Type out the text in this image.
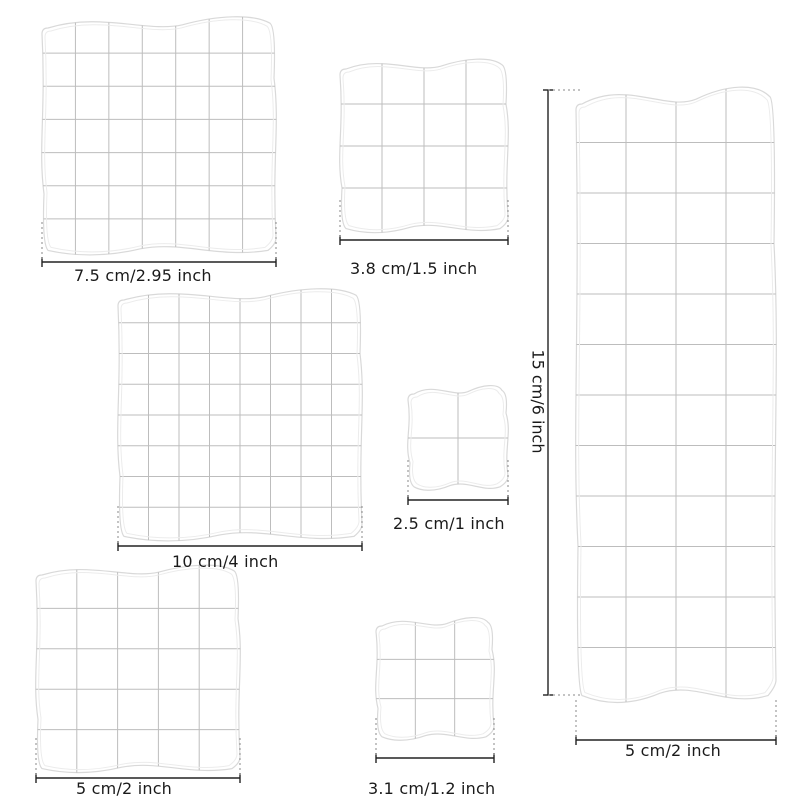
7.5 cm/2.95 inch	3.8 cm/1.5 inch
10 cm/4 inch
2.5 cm/1 inch
5 cm/2 inch	3.1 cm/1.2 inch
5 cm/2 inch
15 cm/6 inch
